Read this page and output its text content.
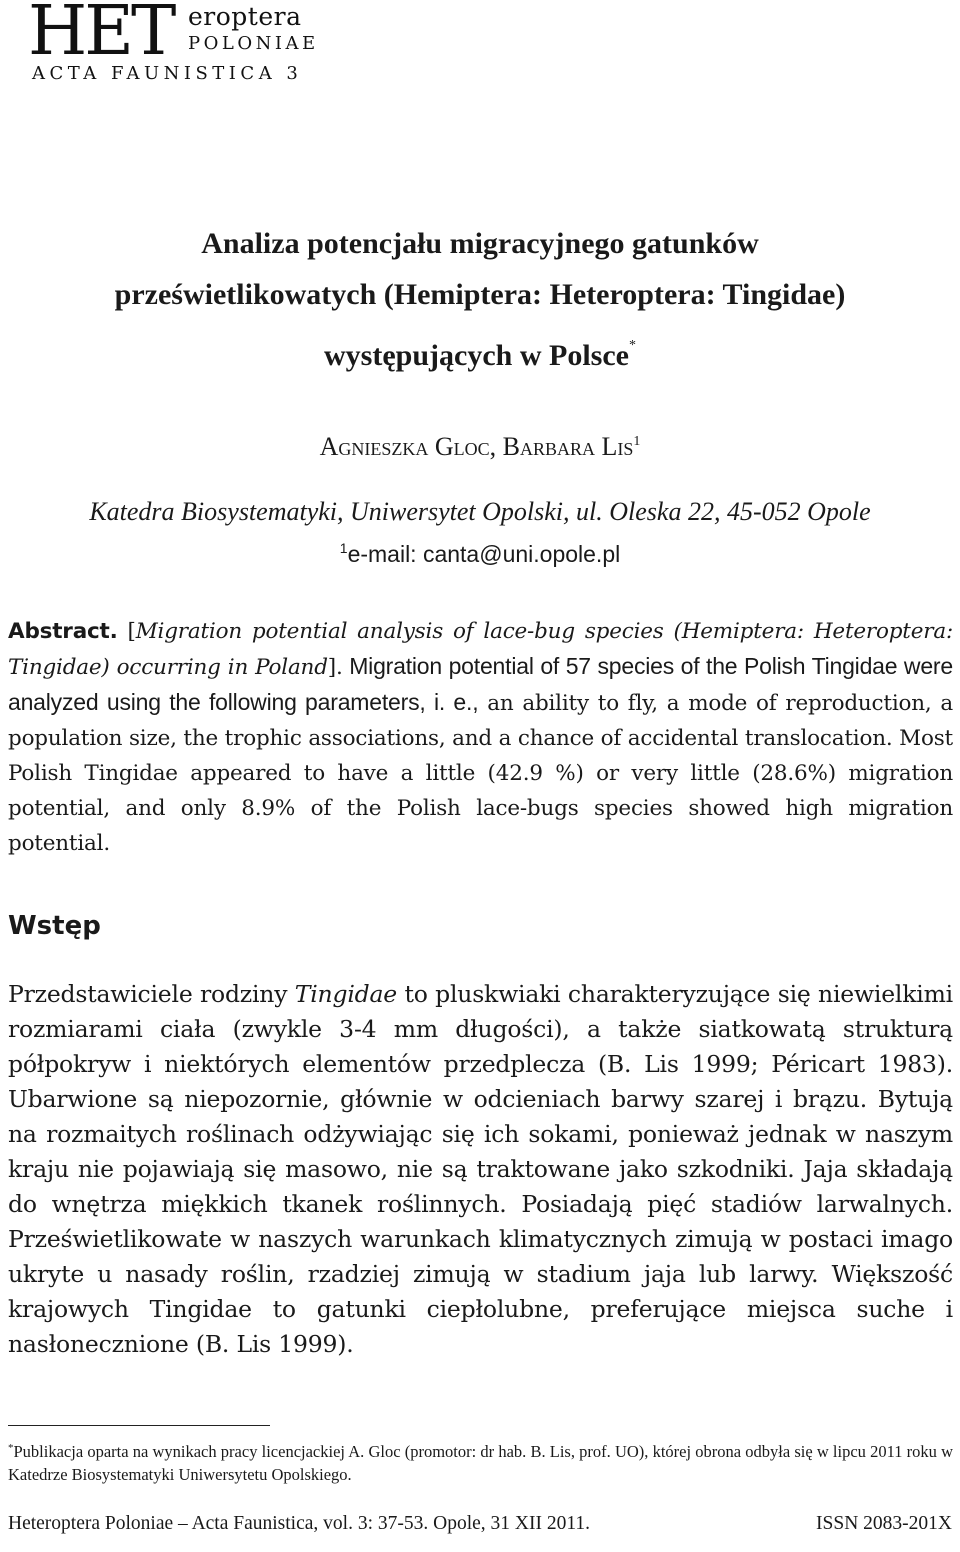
HET eroptera
POLONIAE
ACTA FAUNISTICA 3
Analiza potencjału migracyjnego gatunków
prześwietlikowatych (Hemiptera: Heteroptera: Tingidae)
występujących w Polsce*
Agnieszka Gloc, Barbara Lis$^1$
Katedra Biosystematyki, Uniwersytet Opolski, ul. Oleska 22, 45-052 Opole
$^1$e-mail: canta@uni.opole.pl
Abstract. [Migration potential analysis of lace-bug species (Hemiptera: Heteroptera: Tingidae) occurring in Poland]. Migration potential of 57 species of the Polish Tingidae were analyzed using the following parameters, i. e., an ability to fly, a mode of reproduction, a population size, the trophic associations, and a chance of accidental translocation. Most Polish Tingidae appeared to have a little (42.9 %) or very little (28.6%) migration potential, and only 8.9% of the Polish lace-bugs species showed high migration potential.
Wstęp
Przedstawiciele rodziny Tingidae to pluskwiaki charakteryzujące się niewielkimi rozmiarami ciała (zwykle 3-4 mm długości), a także siatkowatą strukturą półpokryw i niektórych elementów przedplecza (B. Lis 1999; Péricart 1983). Ubarwione są niepozornie, głównie w odcieniach barwy szarej i brązu. Bytują na rozmaitych roślinach odżywiając się ich sokami, ponieważ jednak w naszym kraju nie pojawiają się masowo, nie są traktowane jako szkodniki. Jaja składają do wnętrza miękkich tkanek roślinnych. Posiadają pięć stadiów larwalnych. Prześwietlikowate w naszych warunkach klimatycznych zimują w postaci imago ukryte u nasady roślin, rzadziej zimują w stadium jaja lub larwy. Większość krajowych Tingidae to gatunki ciepłolubne, preferujące miejsca suche i nasłonecznione (B. Lis 1999).
*Publikacja oparta na wynikach pracy licencjackiej A. Gloc (promotor: dr hab. B. Lis, prof. UO), której obrona odbyła się w lipcu 2011 roku w Katedrze Biosystematyki Uniwersytetu Opolskiego.
Heteroptera Poloniae – Acta Faunistica, vol. 3: 37-53. Opole, 31 XII 2011.	ISSN 2083-201X
